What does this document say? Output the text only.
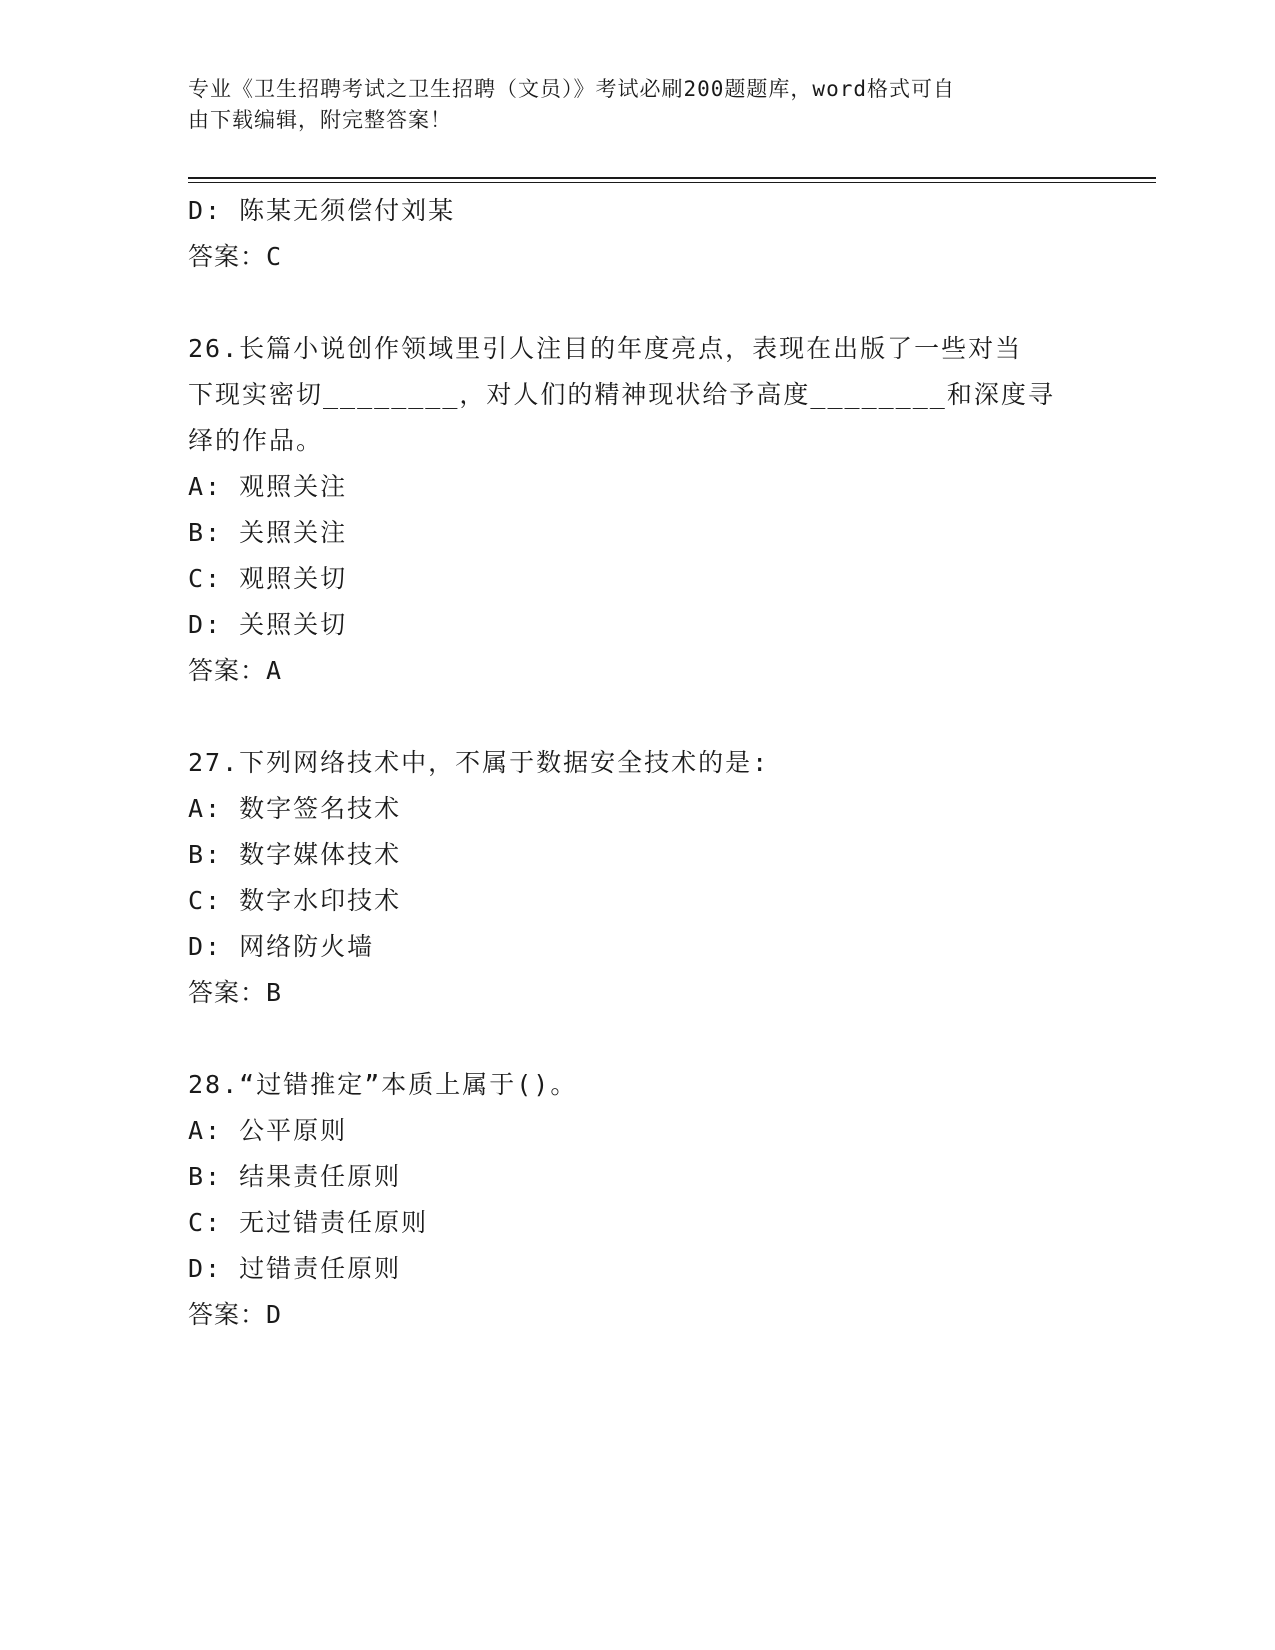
专业《卫生招聘考试之卫生招聘（文员）》考试必刷200题题库，word格式可自
由下载编辑，附完整答案！
D: 陈某无须偿付刘某
答案：C
26.长篇小说创作领域里引人注目的年度亮点，表现在出版了一些对当
下现实密切________，对人们的精神现状给予高度________和深度寻
绎的作品。
A: 观照关注
B: 关照关注
C: 观照关切
D: 关照关切
答案：A
27.下列网络技术中，不属于数据安全技术的是:
A: 数字签名技术
B: 数字媒体技术
C: 数字水印技术
D: 网络防火墙
答案：B
28.“过错推定”本质上属于()。
A: 公平原则
B: 结果责任原则
C: 无过错责任原则
D: 过错责任原则
答案：D
